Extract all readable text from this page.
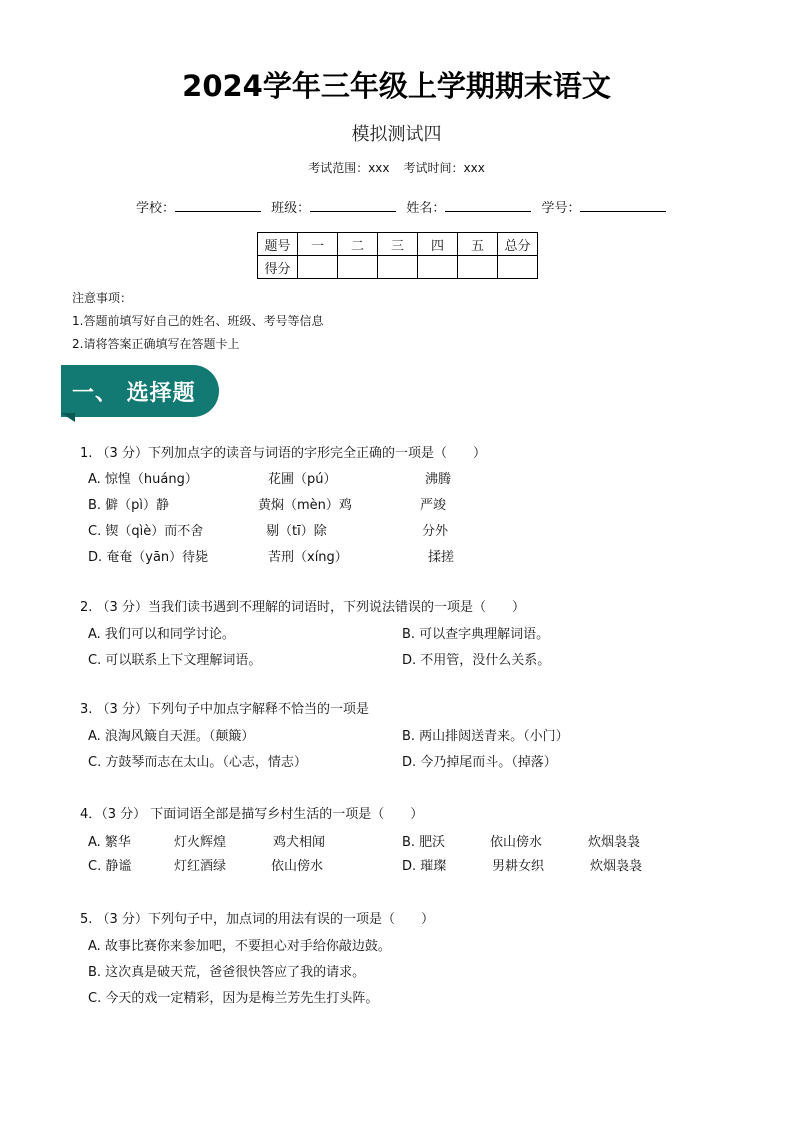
2024学年三年级上学期期末语文
模拟测试四
考试范围：xxx 考试时间：xxx
学校：	班级：	姓名：	学号：
题号	一	二	三	四	五	总分
得分						
注意事项：
1.答题前填写好自己的姓名、班级、考号等信息
2.请将答案正确填写在答题卡上
一、 选择题
1. （3 分）下列加点字的读音与词语的字形完全正确的一项是（　　）
A. 惊惶（huáng）	花圃（pú）	沸腾
B. 僻（pì）静	黄焖（mèn）鸡	严竣
C. 锲（qìè）而不舍	剔（tī）除	分外
D. 奄奄（yān）待毙	苦刑（xíng）	揉搓
2. （3 分）当我们读书遇到不理解的词语时，下列说法错误的一项是（　　）
A. 我们可以和同学讨论。	B. 可以查字典理解词语。
C. 可以联系上下文理解词语。	D. 不用管，没什么关系。
3. （3 分）下列句子中加点字解释不恰当的一项是
A. 浪淘风簸自天涯。（颠簸）	B. 两山排闼送青来。（小门）
C. 方鼓琴而志在太山。（心志，情志）	D. 今乃掉尾而斗。（掉落）
4．（3 分） 下面词语全部是描写乡村生活的一项是（　　）
A. 繁华	灯火辉煌	鸡犬相闻	B. 肥沃	依山傍水	炊烟袅袅
C. 静谧	灯红酒绿	依山傍水	D. 璀璨	男耕女织	炊烟袅袅
5. （3 分）下列句子中，加点词的用法有误的一项是（　　）
A. 故事比赛你来参加吧，不要担心对手给你敲边鼓。
B. 这次真是破天荒，爸爸很快答应了我的请求。
C. 今天的戏一定精彩，因为是梅兰芳先生打头阵。
